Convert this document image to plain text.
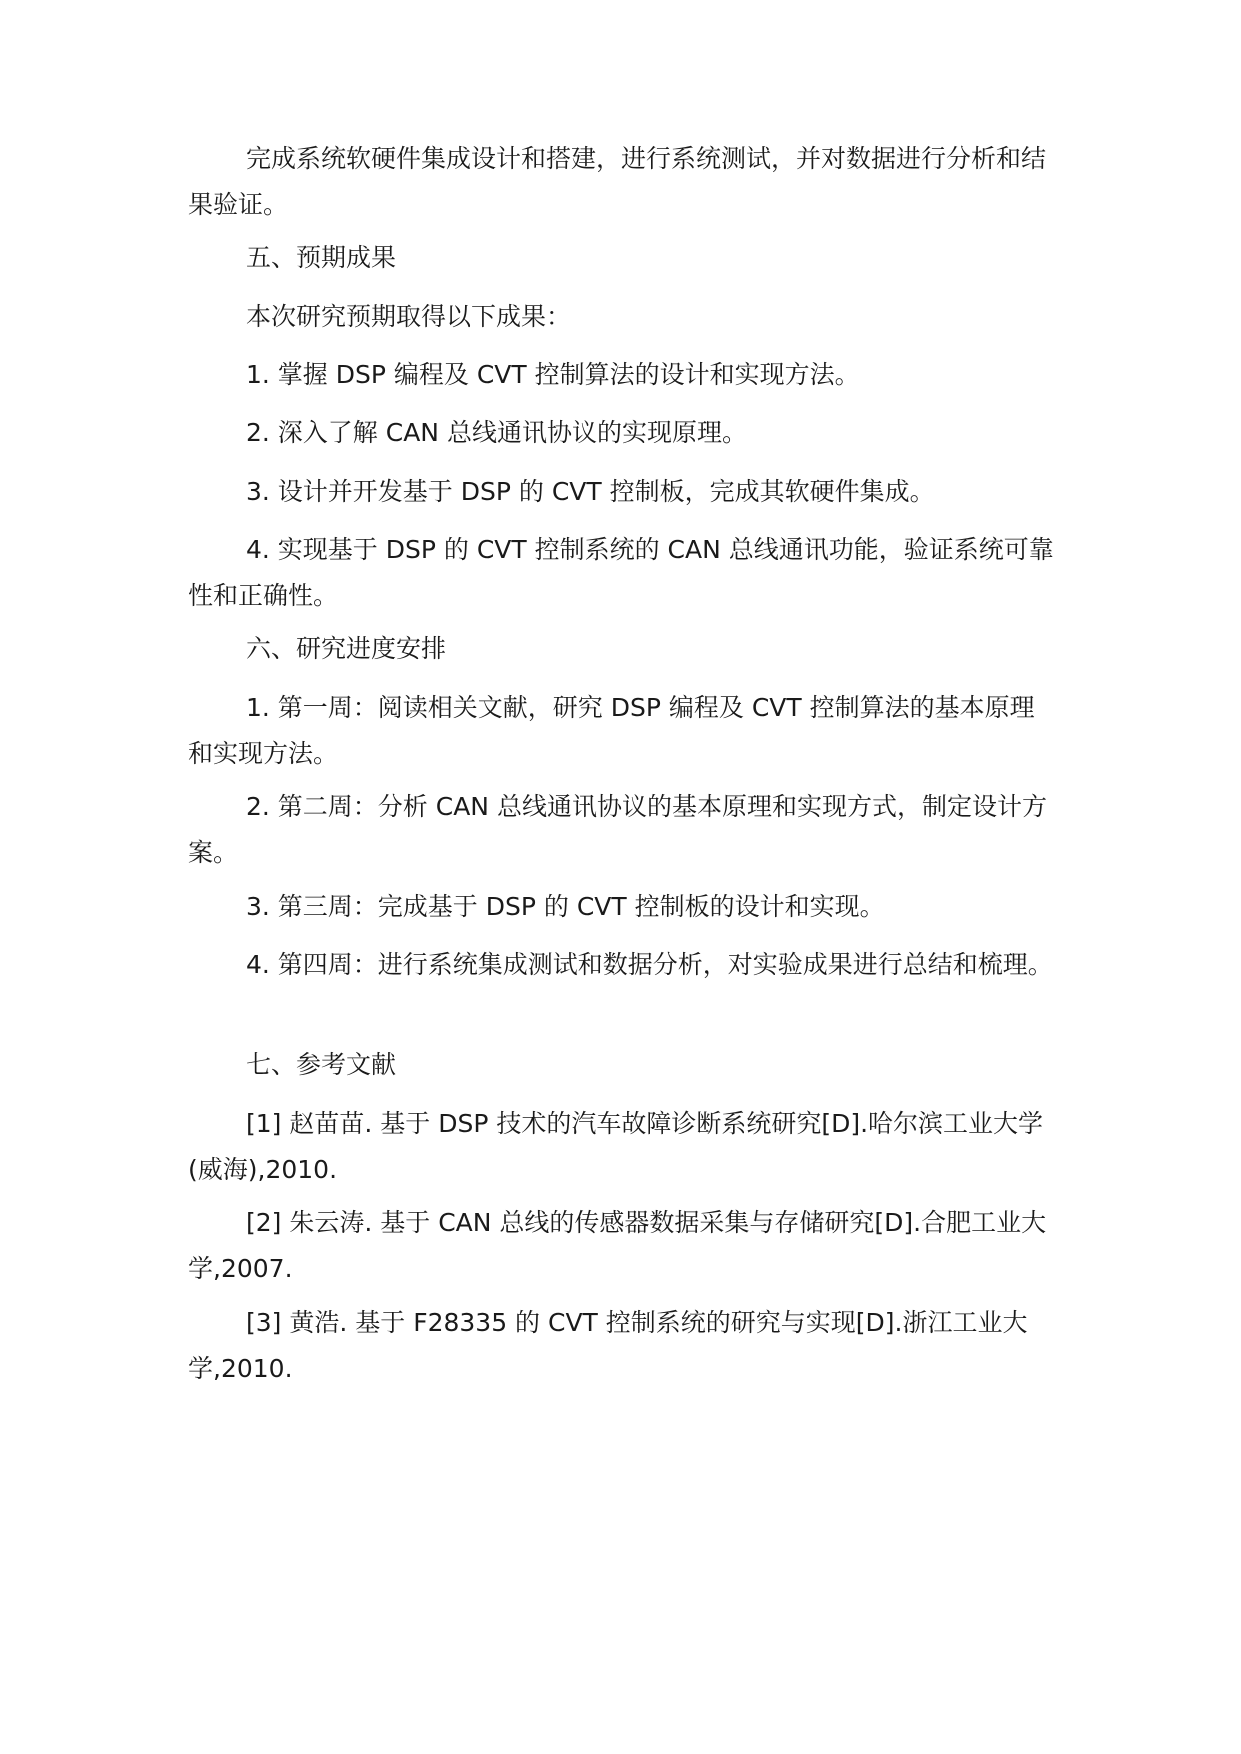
完成系统软硬件集成设计和搭建，进行系统测试，并对数据进行分析和结果验证。

五、预期成果

本次研究预期取得以下成果：

1. 掌握 DSP 编程及 CVT 控制算法的设计和实现方法。

2. 深入了解 CAN 总线通讯协议的实现原理。

3. 设计并开发基于 DSP 的 CVT 控制板，完成其软硬件集成。

4. 实现基于 DSP 的 CVT 控制系统的 CAN 总线通讯功能，验证系统可靠性和正确性。

六、研究进度安排

1. 第一周：阅读相关文献，研究 DSP 编程及 CVT 控制算法的基本原理和实现方法。

2. 第二周：分析 CAN 总线通讯协议的基本原理和实现方式，制定设计方案。

3. 第三周：完成基于 DSP 的 CVT 控制板的设计和实现。

4. 第四周：进行系统集成测试和数据分析，对实验成果进行总结和梳理。

七、参考文献

[1] 赵苗苗. 基于 DSP 技术的汽车故障诊断系统研究[D].哈尔滨工业大学(威海),2010.

[2] 朱云涛. 基于 CAN 总线的传感器数据采集与存储研究[D].合肥工业大学,2007.

[3] 黄浩. 基于 F28335 的 CVT 控制系统的研究与实现[D].浙江工业大学,2010.
